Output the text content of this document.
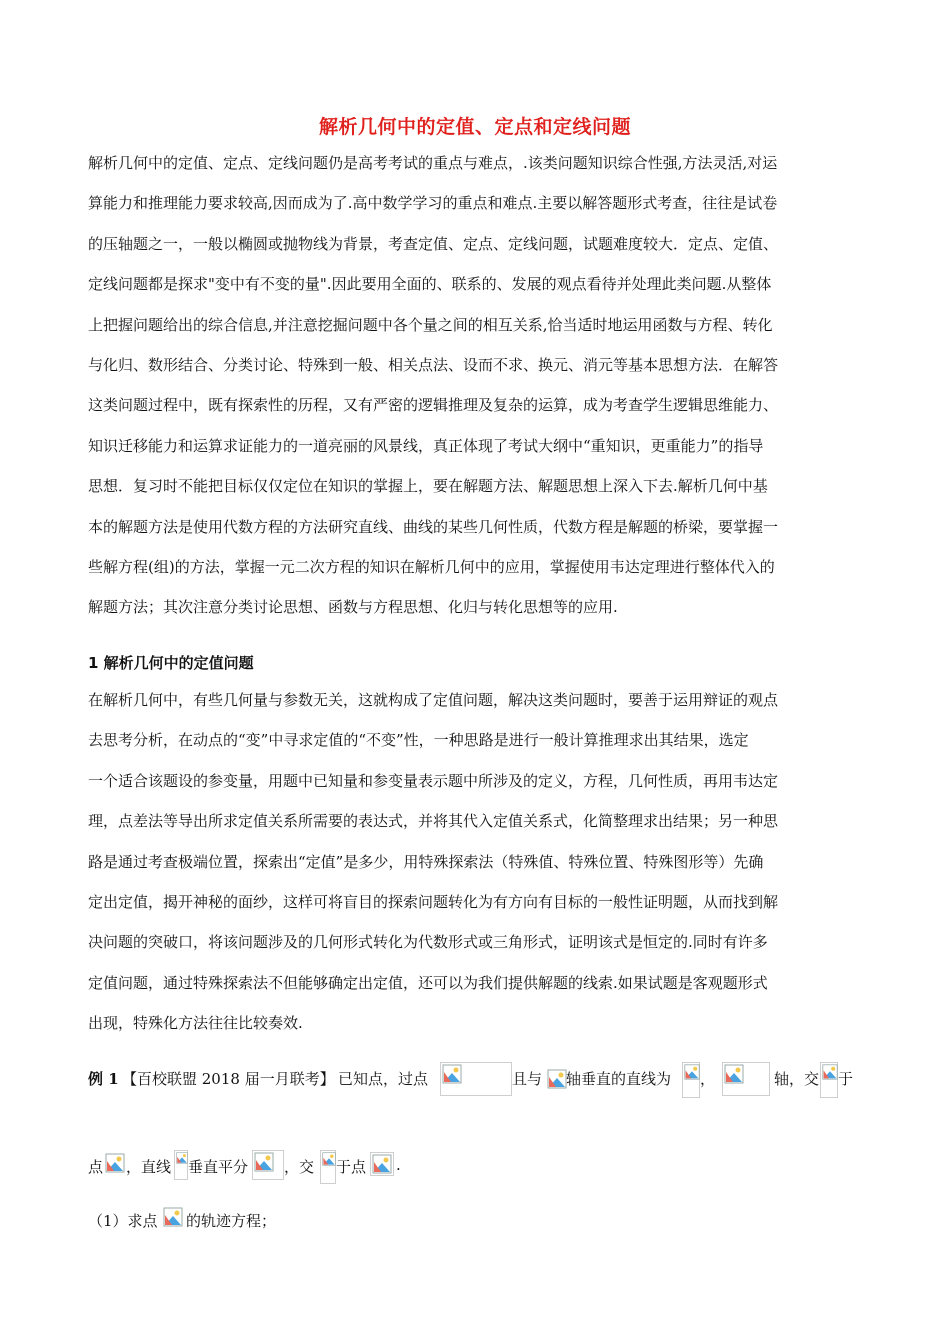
解析几何中的定值、定点和定线问题
解析几何中的定值、定点、定线问题仍是高考考试的重点与难点，.该类问题知识综合性强,方法灵活,对运
算能力和推理能力要求较高,因而成为了.高中数学学习的重点和难点.主要以解答题形式考查，往往是试卷
的压轴题之一，一般以椭圆或抛物线为背景，考查定值、定点、定线问题，试题难度较大．定点、定值、
定线问题都是探求"变中有不变的量".因此要用全面的、联系的、发展的观点看待并处理此类问题.从整体
上把握问题给出的综合信息,并注意挖掘问题中各个量之间的相互关系,恰当适时地运用函数与方程、转化
与化归、数形结合、分类讨论、特殊到一般、相关点法、设而不求、换元、消元等基本思想方法．在解答
这类问题过程中，既有探索性的历程，又有严密的逻辑推理及复杂的运算，成为考查学生逻辑思维能力、
知识迁移能力和运算求证能力的一道亮丽的风景线，真正体现了考试大纲中“重知识，更重能力”的指导
思想．复习时不能把目标仅仅定位在知识的掌握上，要在解题方法、解题思想上深入下去.解析几何中基
本的解题方法是使用代数方程的方法研究直线、曲线的某些几何性质，代数方程是解题的桥梁，要掌握一
些解方程(组)的方法，掌握一元二次方程的知识在解析几何中的应用，掌握使用韦达定理进行整体代入的
解题方法；其次注意分类讨论思想、函数与方程思想、化归与转化思想等的应用.
1 解析几何中的定值问题
在解析几何中，有些几何量与参数无关，这就构成了定值问题，解决这类问题时，要善于运用辩证的观点
去思考分析，在动点的“变”中寻求定值的“不变”性，一种思路是进行一般计算推理求出其结果，选定
一个适合该题设的参变量，用题中已知量和参变量表示题中所涉及的定义，方程，几何性质，再用韦达定
理，点差法等导出所求定值关系所需要的表达式，并将其代入定值关系式，化简整理求出结果；另一种思
路是通过考查极端位置，探索出“定值”是多少，用特殊探索法（特殊值、特殊位置、特殊图形等）先确
定出定值，揭开神秘的面纱，这样可将盲目的探索问题转化为有方向有目标的一般性证明题，从而找到解
决问题的突破口，将该问题涉及的几何形式转化为代数形式或三角形式，证明该式是恒定的.同时有许多
定值问题，通过特殊探索法不但能够确定出定值，还可以为我们提供解题的线索.如果试题是客观题形式
出现，特殊化方法往往比较奏效.
例 1 【百校联盟 2018 届一月联考】 已知点，过点	且与 轴垂直的直线为 ，	轴，交 于
点 ，直线 垂直平分 ，交 于点 .
（1）求点 的轨迹方程；
